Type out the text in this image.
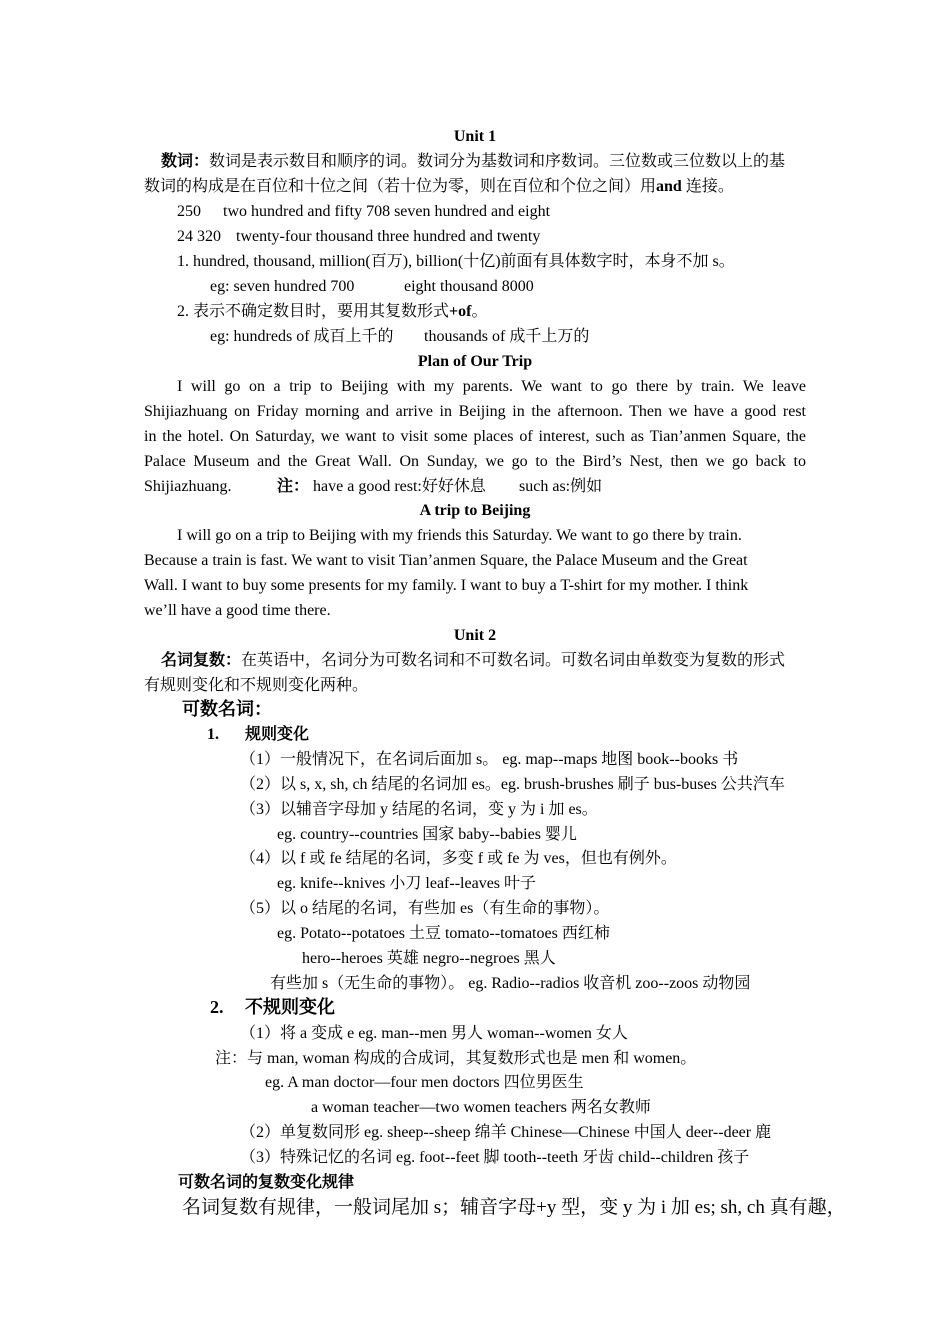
Unit 1
数词：数词是表示数目和顺序的词。数词分为基数词和序数词。三位数或三位数以上的基
数词的构成是在百位和十位之间（若十位为零，则在百位和个位之间）用and 连接。
250 two hundred and fifty 708 seven hundred and eight
24 320 twenty-four thousand three hundred and twenty
1. hundred, thousand, million(百万), billion(十亿)前面有具体数字时，本身不加 s。
eg: seven hundred 700	eight thousand 8000
2. 表示不确定数目时，要用其复数形式+of。
eg: hundreds of 成百上千的 thousands of 成千上万的
Plan of Our Trip
I will go on a trip to Beijing with my parents. We want to go there by train. We leave
Shijiazhuang on Friday morning and arrive in Beijing in the afternoon. Then we have a good rest
in the hotel. On Saturday, we want to visit some places of interest, such as Tian’anmen Square, the
Palace Museum and the Great Wall. On Sunday, we go to the Bird’s Nest, then we go back to
Shijiazhuang.	注： have a good rest:好好休息 such as:例如
A trip to Beijing
I will go on a trip to Beijing with my friends this Saturday. We want to go there by train.
Because a train is fast. We want to visit Tian’anmen Square, the Palace Museum and the Great
Wall. I want to buy some presents for my family. I want to buy a T-shirt for my mother. I think
we’ll have a good time there.
Unit 2
名词复数：在英语中，名词分为可数名词和不可数名词。可数名词由单数变为复数的形式
有规则变化和不规则变化两种。
可数名词：
1. 规则变化
（1）一般情况下，在名词后面加 s。 eg. map--maps 地图 book--books 书
（2）以 s, x, sh, ch 结尾的名词加 es。eg. brush-brushes 刷子 bus-buses 公共汽车
（3）以辅音字母加 y 结尾的名词，变 y 为 i 加 es。
eg. country--countries 国家 baby--babies 婴儿
（4）以 f 或 fe 结尾的名词，多变 f 或 fe 为 ves，但也有例外。
eg. knife--knives 小刀 leaf--leaves 叶子
（5）以 o 结尾的名词，有些加 es（有生命的事物）。
eg. Potato--potatoes 土豆 tomato--tomatoes 西红柿
hero--heroes 英雄 negro--negroes 黑人
有些加 s（无生命的事物）。 eg. Radio--radios 收音机 zoo--zoos 动物园
2. 不规则变化
（1）将 a 变成 e eg. man--men 男人 woman--women 女人
注：与 man, woman 构成的合成词，其复数形式也是 men 和 women。
eg. A man doctor—four men doctors 四位男医生
a woman teacher—two women teachers 两名女教师
（2）单复数同形 eg. sheep--sheep 绵羊 Chinese—Chinese 中国人 deer--deer 鹿
（3）特殊记忆的名词 eg. foot--feet 脚 tooth--teeth 牙齿 child--children 孩子
可数名词的复数变化规律
名词复数有规律，一般词尾加 s；辅音字母+y 型，变 y 为 i 加 es; sh, ch 真有趣，
